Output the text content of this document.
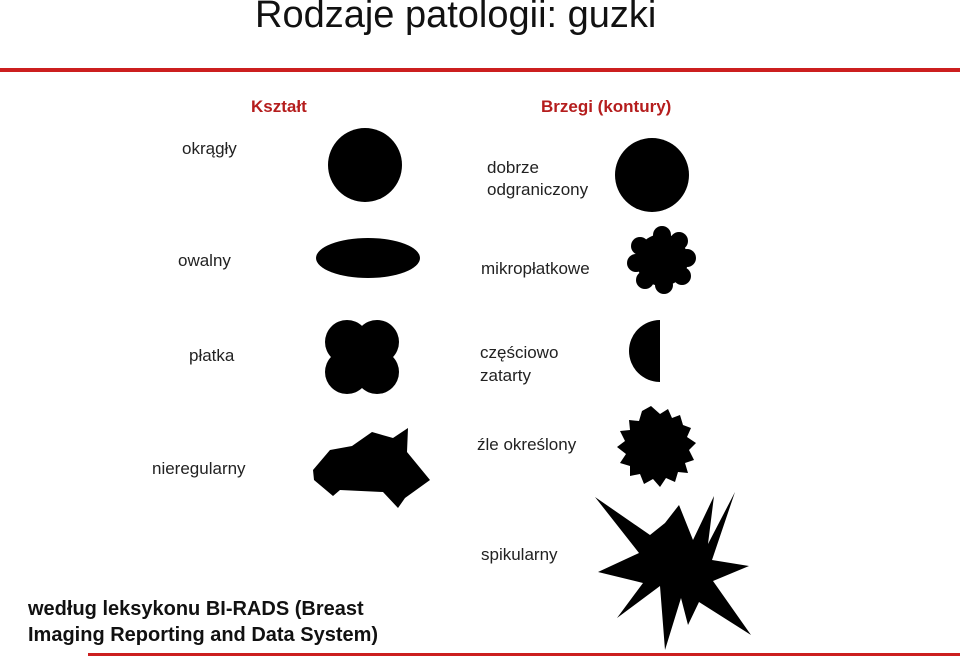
Rodzaje patologii: guzki
Kształt	Brzegi (kontury)
okrągły
owalny
płatka
nieregularny
dobrze
odgraniczony
mikropłatkowe
częściowo
zatarty
źle określony
spikularny
według leksykonu BI-RADS (Breast
Imaging Reporting and Data System)
